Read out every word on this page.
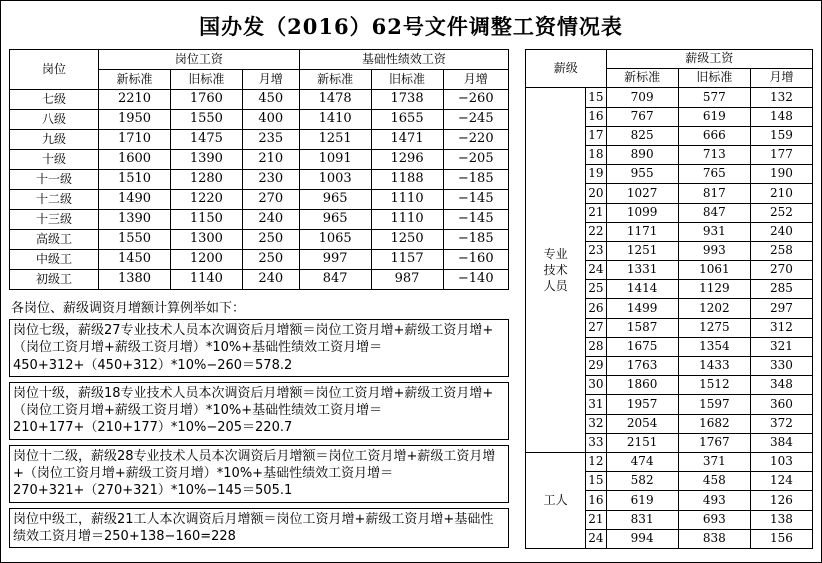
国办发（2016）62号文件调整工资情况表
岗位	岗位工资			基础性绩效工资		
	新标准	旧标准	月增	新标准	旧标准	月增
七级	2210	1760	450	1478	1738	−260
八级	1950	1550	400	1410	1655	−245
九级	1710	1475	235	1251	1471	−220
十级	1600	1390	210	1091	1296	−205
十一级	1510	1280	230	1003	1188	−185
十二级	1490	1220	270	965	1110	−145
十三级	1390	1150	240	965	1110	−145
高级工	1550	1300	250	1065	1250	−185
中级工	1450	1200	250	997	1157	−160
初级工	1380	1140	240	847	987	−140
各岗位、薪级调资月增额计算例举如下：

岗位七级，薪级27专业技术人员本次调资后月增额＝岗位工资月增+薪级工资月增+（岗位工资月增+薪级工资月增）*10%+基础性绩效工资月增＝450+312+（450+312）*10%−260＝578.2

岗位十级，薪级18专业技术人员本次调资后月增额＝岗位工资月增+薪级工资月增+（岗位工资月增+薪级工资月增）*10%+基础性绩效工资月增＝210+177+（210+177）*10%−205＝220.7

岗位十二级，薪级28专业技术人员本次调资后月增额＝岗位工资月增+薪级工资月增+（岗位工资月增+薪级工资月增）*10%+基础性绩效工资月增＝270+321+（270+321）*10%−145＝505.1

岗位中级工，薪级21工人本次调资后月增额＝岗位工资月增+薪级工资月增+基础性绩效工资月增＝250+138−160=228

薪级		薪级工资		
		新标准	旧标准	月增

专业
技术
人员	15	709	577	132
	16	767	619	148
	17	825	666	159
	18	890	713	177
	19	955	765	190
	20	1027	817	210
	21	1099	847	252
	22	1171	931	240
	23	1251	993	258
	24	1331	1061	270
	25	1414	1129	285
	26	1499	1202	297
	27	1587	1275	312
	28	1675	1354	321
	29	1763	1433	330
	30	1860	1512	348
	31	1957	1597	360
	32	2054	1682	372
	33	2151	1767	384
工人	12	474	371	103
	15	582	458	124
	16	619	493	126
	21	831	693	138
	24	994	838	156
